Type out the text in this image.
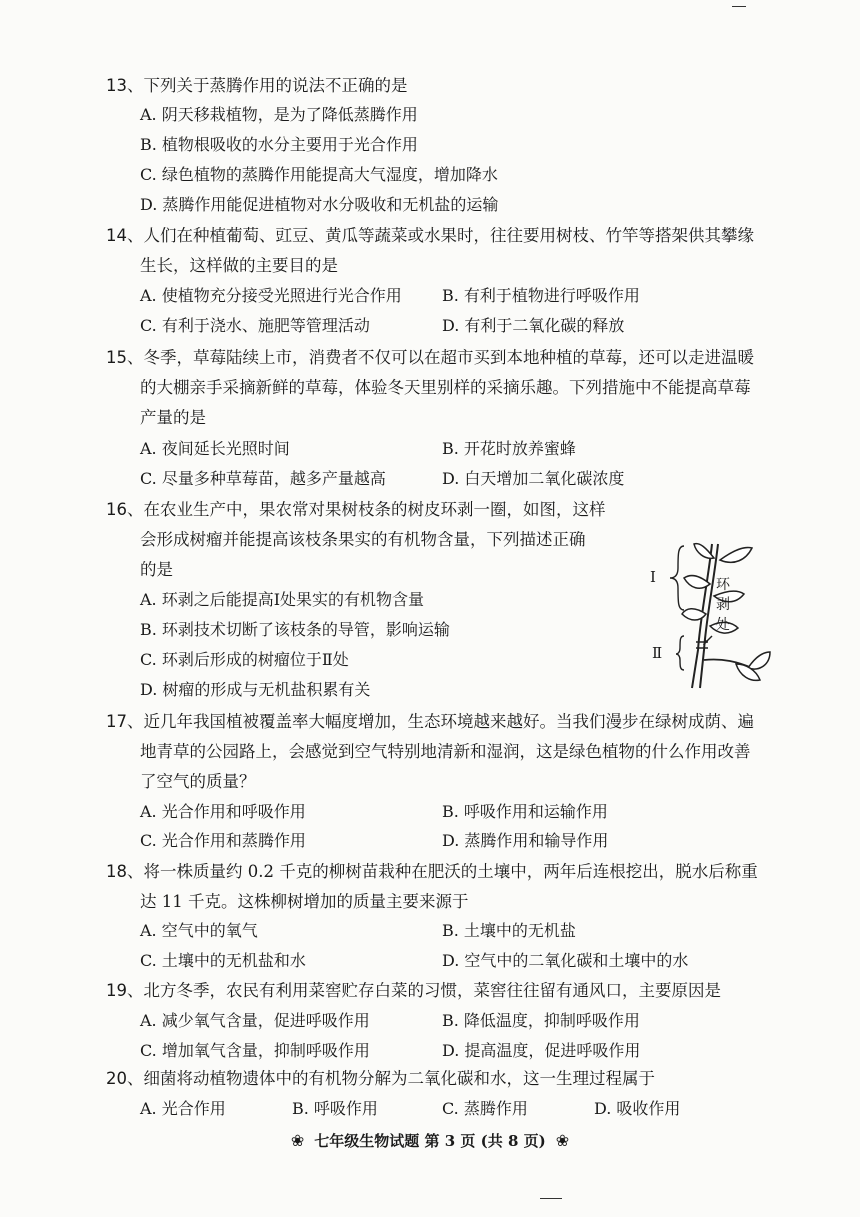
13、下列关于蒸腾作用的说法不正确的是
A. 阴天移栽植物，是为了降低蒸腾作用
B. 植物根吸收的水分主要用于光合作用
C. 绿色植物的蒸腾作用能提高大气湿度，增加降水
D. 蒸腾作用能促进植物对水分吸收和无机盐的运输
14、人们在种植葡萄、豇豆、黄瓜等蔬菜或水果时，往往要用树枝、竹竿等搭架供其攀缘
生长，这样做的主要目的是
A. 使植物充分接受光照进行光合作用	B. 有利于植物进行呼吸作用
C. 有利于浇水、施肥等管理活动	D. 有利于二氧化碳的释放
15、冬季，草莓陆续上市，消费者不仅可以在超市买到本地种植的草莓，还可以走进温暖
的大棚亲手采摘新鲜的草莓，体验冬天里别样的采摘乐趣。下列措施中不能提高草莓
产量的是
A. 夜间延长光照时间	B. 开花时放养蜜蜂
C. 尽量多种草莓苗，越多产量越高	D. 白天增加二氧化碳浓度
16、在农业生产中，果农常对果树枝条的树皮环剥一圈，如图，这样
会形成树瘤并能提高该枝条果实的有机物含量，下列描述正确
的是
A. 环剥之后能提高Ⅰ处果实的有机物含量
B. 环剥技术切断了该枝条的导管，影响运输
C. 环剥后形成的树瘤位于Ⅱ处
D. 树瘤的形成与无机盐积累有关
Ⅰ
Ⅱ
环
剥
处
17、近几年我国植被覆盖率大幅度增加，生态环境越来越好。当我们漫步在绿树成荫、遍
地青草的公园路上，会感觉到空气特别地清新和湿润，这是绿色植物的什么作用改善
了空气的质量？
A. 光合作用和呼吸作用	B. 呼吸作用和运输作用
C. 光合作用和蒸腾作用	D. 蒸腾作用和输导作用
18、将一株质量约 0.2 千克的柳树苗栽种在肥沃的土壤中，两年后连根挖出，脱水后称重
达 11 千克。这株柳树增加的质量主要来源于
A. 空气中的氧气	B. 土壤中的无机盐
C. 土壤中的无机盐和水	D. 空气中的二氧化碳和土壤中的水
19、北方冬季，农民有利用菜窖贮存白菜的习惯，菜窖往往留有通风口，主要原因是
A. 减少氧气含量，促进呼吸作用	B. 降低温度，抑制呼吸作用
C. 增加氧气含量，抑制呼吸作用	D. 提高温度，促进呼吸作用
20、细菌将动植物遗体中的有机物分解为二氧化碳和水，这一生理过程属于
A. 光合作用	B. 呼吸作用	C. 蒸腾作用	D. 吸收作用
❀ 七年级生物试题 第 3 页 (共 8 页) ❀
